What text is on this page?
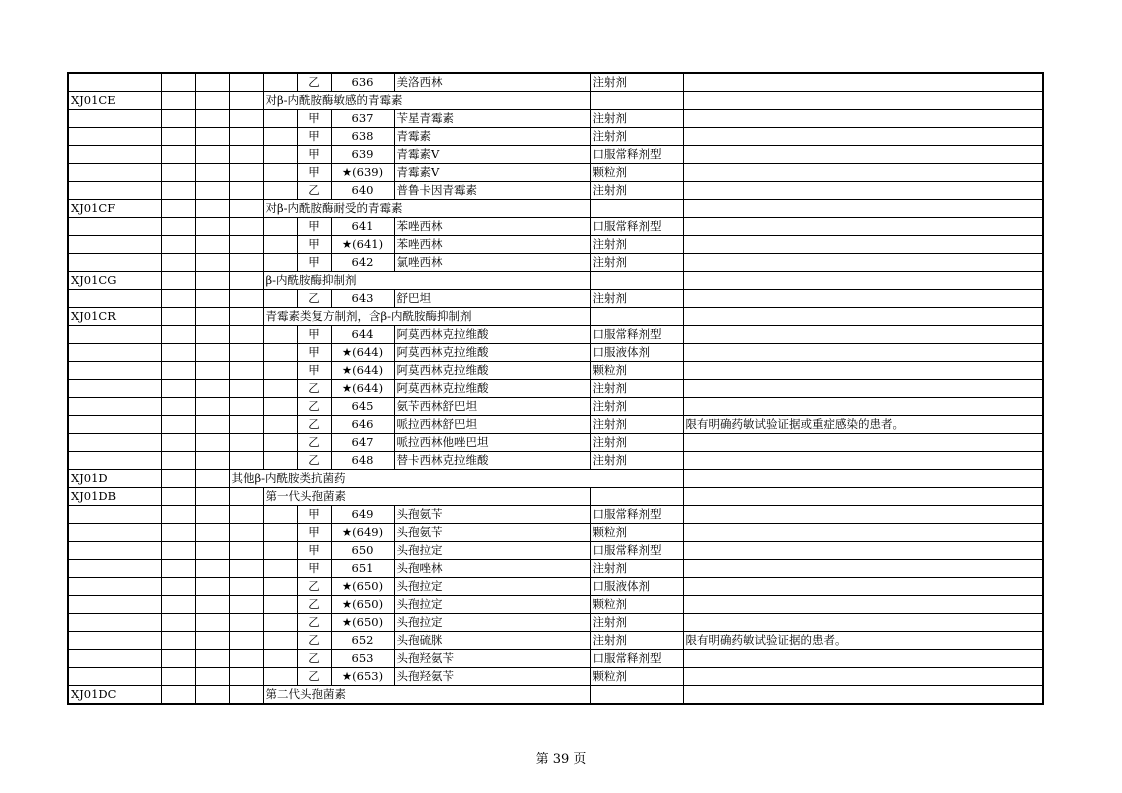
					乙	636	美洛西林	注射剂		
XJ01CE				对β-内酰胺酶敏感的青霉素						
					甲	637	苄星青霉素	注射剂		
					甲	638	青霉素	注射剂		
					甲	639	青霉素V	口服常释剂型		
					甲	★(639)	青霉素V	颗粒剂		
					乙	640	普鲁卡因青霉素	注射剂		
XJ01CF				对β-内酰胺酶耐受的青霉素						
					甲	641	苯唑西林	口服常释剂型		
					甲	★(641)	苯唑西林	注射剂		
					甲	642	氯唑西林	注射剂		
XJ01CG				β-内酰胺酶抑制剂						
					乙	643	舒巴坦	注射剂		
XJ01CR				青霉素类复方制剂，含β-内酰胺酶抑制剂						
					甲	644	阿莫西林克拉维酸	口服常释剂型		
					甲	★(644)	阿莫西林克拉维酸	口服液体剂		
					甲	★(644)	阿莫西林克拉维酸	颗粒剂		
					乙	★(644)	阿莫西林克拉维酸	注射剂		
					乙	645	氨苄西林舒巴坦	注射剂		
					乙	646	哌拉西林舒巴坦	注射剂	限有明确药敏试验证据或重症感染的患者。	
					乙	647	哌拉西林他唑巴坦	注射剂		
					乙	648	替卡西林克拉维酸	注射剂		
XJ01D			其他β-内酰胺类抗菌药							
XJ01DB				第一代头孢菌素						
					甲	649	头孢氨苄	口服常释剂型		
					甲	★(649)	头孢氨苄	颗粒剂		
					甲	650	头孢拉定	口服常释剂型		
					甲	651	头孢唑林	注射剂		
					乙	★(650)	头孢拉定	口服液体剂		
					乙	★(650)	头孢拉定	颗粒剂		
					乙	★(650)	头孢拉定	注射剂		
					乙	652	头孢硫脒	注射剂	限有明确药敏试验证据的患者。	
					乙	653	头孢羟氨苄	口服常释剂型		
					乙	★(653)	头孢羟氨苄	颗粒剂		
XJ01DC				第二代头孢菌素						
第 39 页
